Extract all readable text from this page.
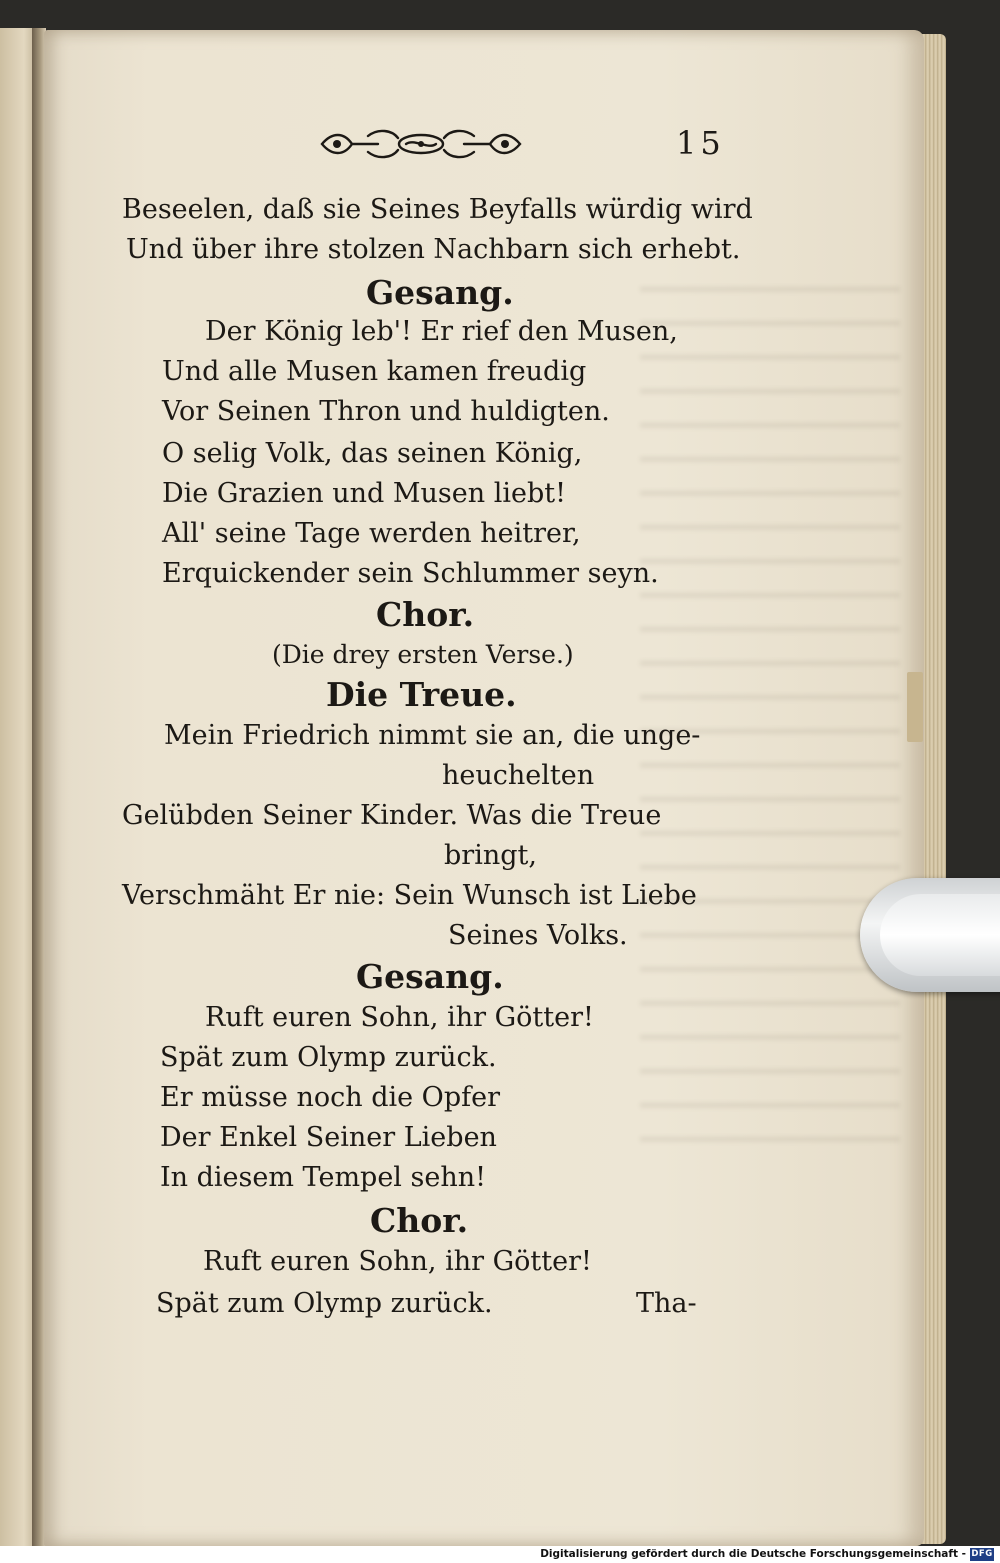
15
Beseelen, daß sie Seines Beyfalls würdig wird
Und über ihre stolzen Nachbarn sich erhebt.
Gesang.
Der König leb'! Er rief den Musen,
Und alle Musen kamen freudig
Vor Seinen Thron und huldigten.
O selig Volk, das seinen König,
Die Grazien und Musen liebt!
All' seine Tage werden heitrer,
Erquickender sein Schlummer seyn.
Chor.
(Die drey ersten Verse.)
Die Treue.
Mein Friedrich nimmt sie an, die unge-
heuchelten
Gelübden Seiner Kinder. Was die Treue
bringt,
Verschmäht Er nie: Sein Wunsch ist Liebe
Seines Volks.
Gesang.
Ruft euren Sohn, ihr Götter!
Spät zum Olymp zurück.
Er müsse noch die Opfer
Der Enkel Seiner Lieben
In diesem Tempel sehn!
Chor.
Ruft euren Sohn, ihr Götter!
Spät zum Olymp zurück.	Tha-
Digitalisierung gefördert durch die Deutsche Forschungsgemeinschaft - DFG
